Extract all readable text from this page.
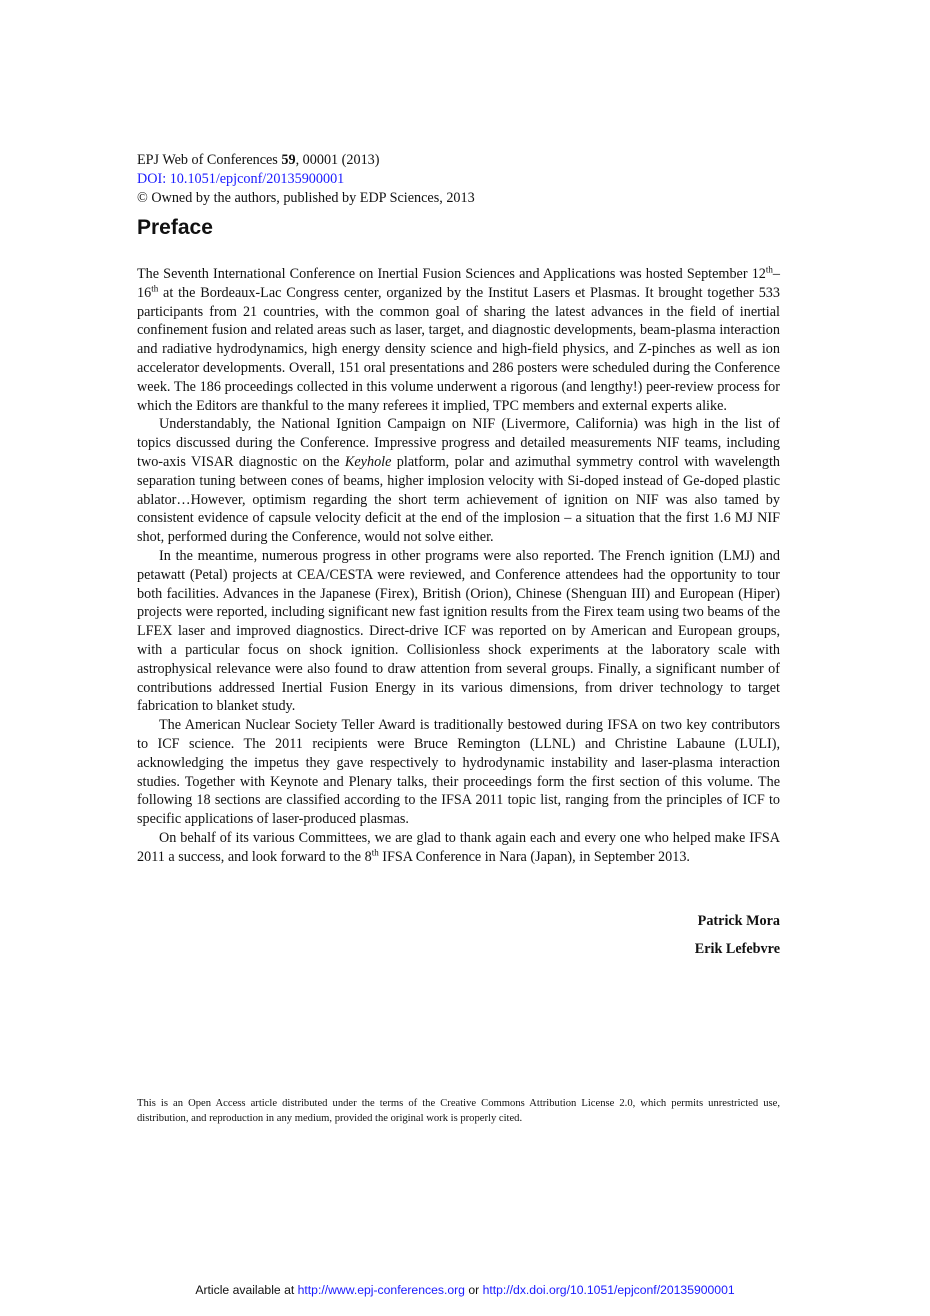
EPJ Web of Conferences 59, 00001 (2013)
DOI: 10.1051/epjconf/20135900001
© Owned by the authors, published by EDP Sciences, 2013
Preface

The Seventh International Conference on Inertial Fusion Sciences and Applications was hosted September 12th–16th at the Bordeaux-Lac Congress center, organized by the Institut Lasers et Plasmas. It brought together 533 participants from 21 countries, with the common goal of sharing the latest advances in the field of inertial confinement fusion and related areas such as laser, target, and diagnostic developments, beam-plasma interaction and radiative hydrodynamics, high energy density science and high-field physics, and Z-pinches as well as ion accelerator developments. Overall, 151 oral presentations and 286 posters were scheduled during the Conference week. The 186 proceedings collected in this volume underwent a rigorous (and lengthy!) peer-review process for which the Editors are thankful to the many referees it implied, TPC members and external experts alike.

Understandably, the National Ignition Campaign on NIF (Livermore, California) was high in the list of topics discussed during the Conference. Impressive progress and detailed measurements NIF teams, including two-axis VISAR diagnostic on the Keyhole platform, polar and azimuthal symmetry control with wavelength separation tuning between cones of beams, higher implosion velocity with Si-doped instead of Ge-doped plastic ablator…However, optimism regarding the short term achievement of ignition on NIF was also tamed by consistent evidence of capsule velocity deficit at the end of the implosion – a situation that the first 1.6 MJ NIF shot, performed during the Conference, would not solve either.

In the meantime, numerous progress in other programs were also reported. The French ignition (LMJ) and petawatt (Petal) projects at CEA/CESTA were reviewed, and Conference attendees had the opportunity to tour both facilities. Advances in the Japanese (Firex), British (Orion), Chinese (Shenguan III) and European (Hiper) projects were reported, including significant new fast ignition results from the Firex team using two beams of the LFEX laser and improved diagnostics. Direct-drive ICF was reported on by American and European groups, with a particular focus on shock ignition. Collisionless shock experiments at the laboratory scale with astrophysical relevance were also found to draw attention from several groups. Finally, a significant number of contributions addressed Inertial Fusion Energy in its various dimensions, from driver technology to target fabrication to blanket study.

The American Nuclear Society Teller Award is traditionally bestowed during IFSA on two key contributors to ICF science. The 2011 recipients were Bruce Remington (LLNL) and Christine Labaune (LULI), acknowledging the impetus they gave respectively to hydrodynamic instability and laser-plasma interaction studies. Together with Keynote and Plenary talks, their proceedings form the first section of this volume. The following 18 sections are classified according to the IFSA 2011 topic list, ranging from the principles of ICF to specific applications of laser-produced plasmas.

On behalf of its various Committees, we are glad to thank again each and every one who helped make IFSA 2011 a success, and look forward to the 8th IFSA Conference in Nara (Japan), in September 2013.

Patrick Mora
Erik Lefebvre
This is an Open Access article distributed under the terms of the Creative Commons Attribution License 2.0, which permits unrestricted use, distribution, and reproduction in any medium, provided the original work is properly cited.
Article available at http://www.epj-conferences.org or http://dx.doi.org/10.1051/epjconf/20135900001
